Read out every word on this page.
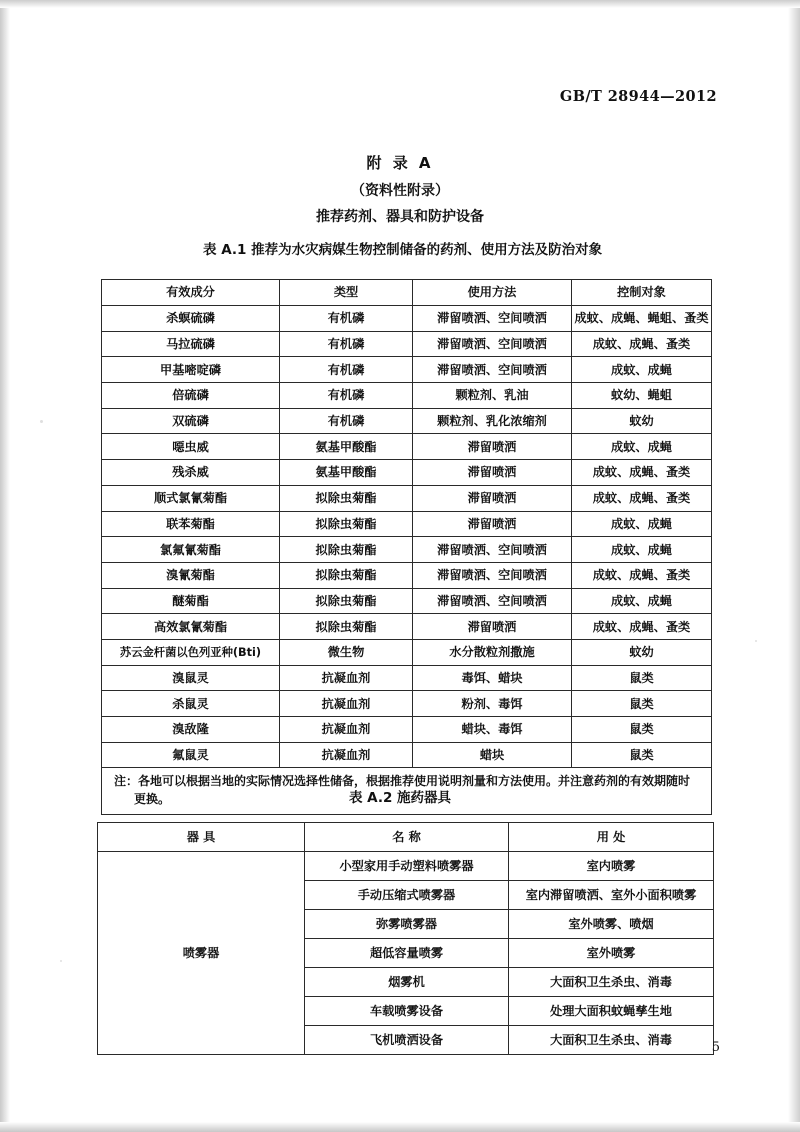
GB/T 28944—2012
附 录 A
（资料性附录）
推荐药剂、器具和防护设备
表 A.1 推荐为水灾病媒生物控制储备的药剂、使用方法及防治对象
有效成分	类型	使用方法	控制对象
杀螟硫磷	有机磷	滞留喷洒、空间喷洒	成蚊、成蝇、蝇蛆、蚤类
马拉硫磷	有机磷	滞留喷洒、空间喷洒	成蚊、成蝇、蚤类
甲基嘧啶磷	有机磷	滞留喷洒、空间喷洒	成蚊、成蝇
倍硫磷	有机磷	颗粒剂、乳油	蚊幼、蝇蛆
双硫磷	有机磷	颗粒剂、乳化浓缩剂	蚊幼
噁虫威	氨基甲酸酯	滞留喷洒	成蚊、成蝇
残杀威	氨基甲酸酯	滞留喷洒	成蚊、成蝇、蚤类
顺式氯氰菊酯	拟除虫菊酯	滞留喷洒	成蚊、成蝇、蚤类
联苯菊酯	拟除虫菊酯	滞留喷洒	成蚊、成蝇
氯氟氰菊酯	拟除虫菊酯	滞留喷洒、空间喷洒	成蚊、成蝇
溴氰菊酯	拟除虫菊酯	滞留喷洒、空间喷洒	成蚊、成蝇、蚤类
醚菊酯	拟除虫菊酯	滞留喷洒、空间喷洒	成蚊、成蝇
高效氯氰菊酯	拟除虫菊酯	滞留喷洒	成蚊、成蝇、蚤类
苏云金杆菌以色列亚种(Bti)	微生物	水分散粒剂撒施	蚊幼
溴鼠灵	抗凝血剂	毒饵、蜡块	鼠类
杀鼠灵	抗凝血剂	粉剂、毒饵	鼠类
溴敌隆	抗凝血剂	蜡块、毒饵	鼠类
氟鼠灵	抗凝血剂	蜡块	鼠类
注：各地可以根据当地的实际情况选择性储备，根据推荐使用说明剂量和方法使用。并注意药剂的有效期随时
更换。				表 A.2 施药器具
器 具	名 称	用 处
喷雾器	小型家用手动塑料喷雾器	室内喷雾
	手动压缩式喷雾器	室内滞留喷洒、室外小面积喷雾
	弥雾喷雾器	室外喷雾、喷烟
	超低容量喷雾	室外喷雾
	烟雾机	大面积卫生杀虫、消毒
	车载喷雾设备	处理大面积蚊蝇孳生地
	飞机喷洒设备	大面积卫生杀虫、消毒
5
